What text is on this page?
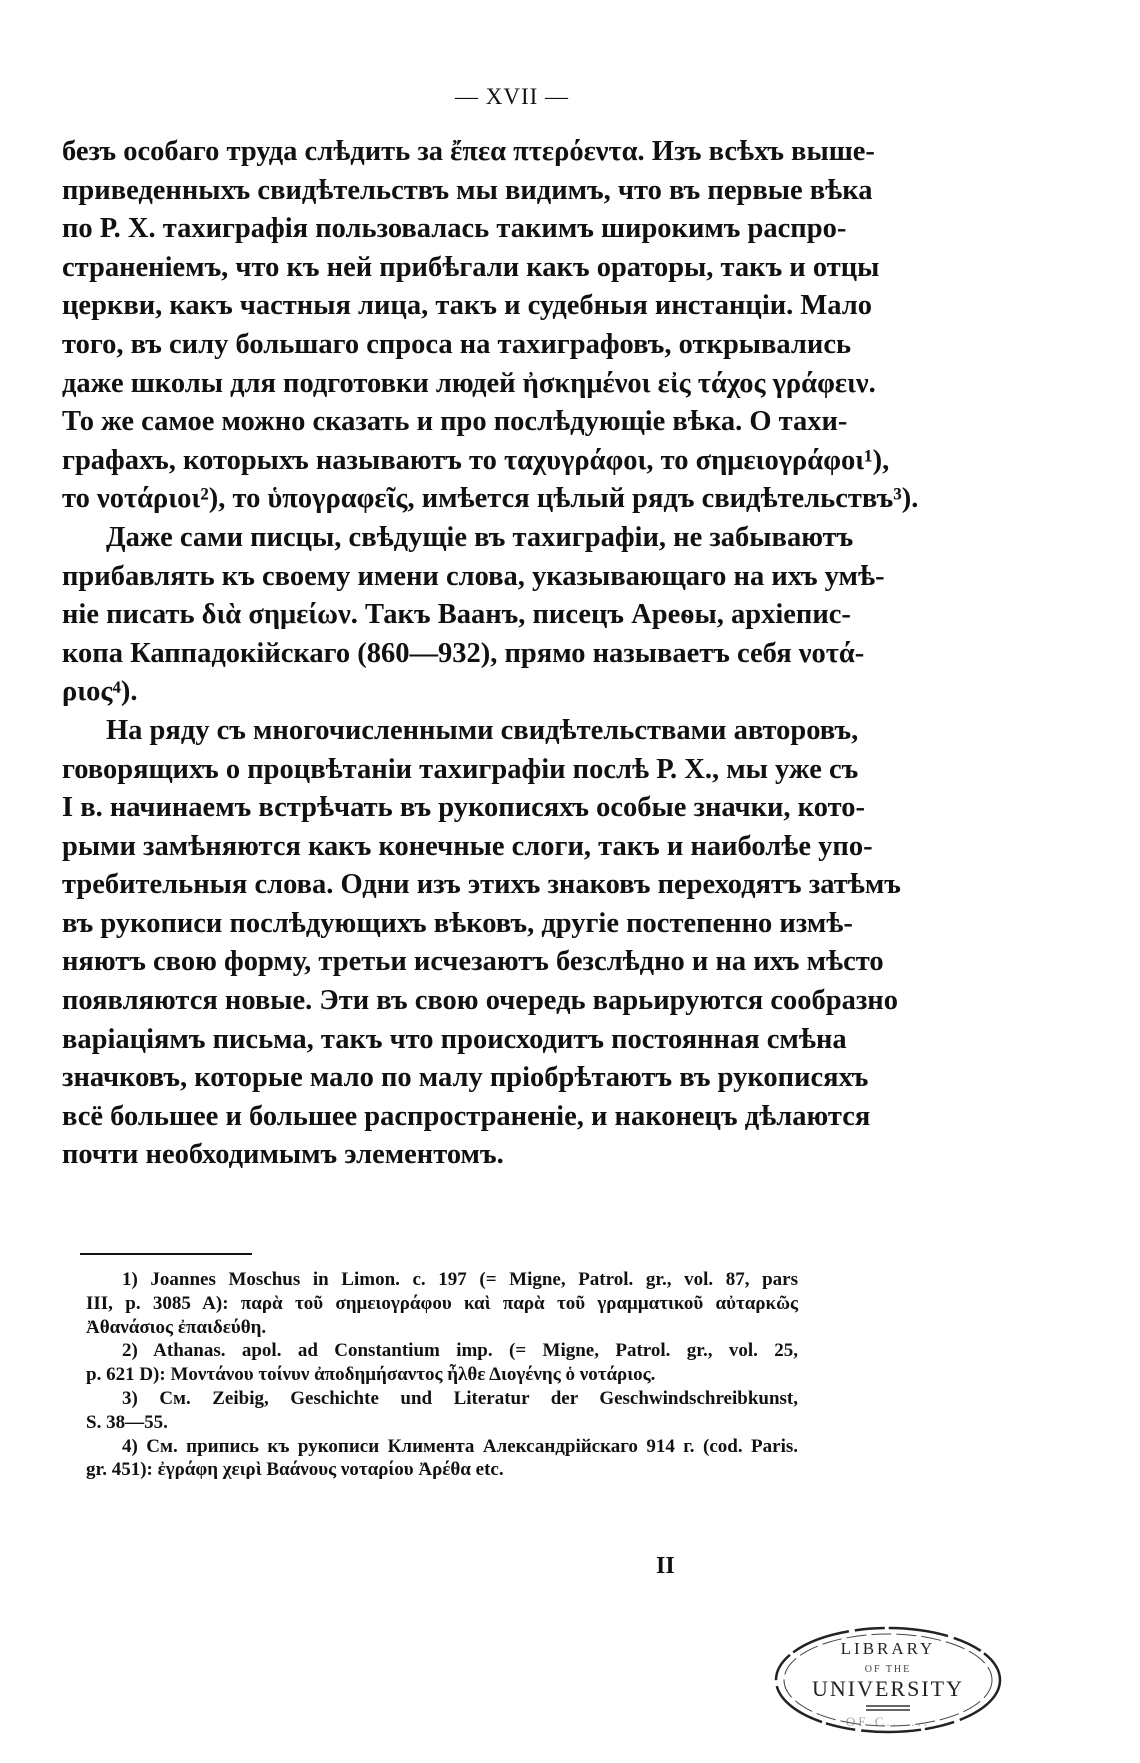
— XVII —
безъ особаго труда слѣдить за ἔπεα πτερόεντα. Изъ всѣхъ выше-
приведенныхъ свидѣтельствъ мы видимъ, что въ первые вѣка
по Р. Х. тахиграфія пользовалась такимъ широкимъ распро-
страненіемъ, что къ ней прибѣгали какъ ораторы, такъ и отцы
церкви, какъ частныя лица, такъ и судебныя инстанціи. Мало
того, въ силу большаго спроса на тахиграфовъ, открывались
даже школы для подготовки людей ἠσκημένοι εἰς τάχος γράφειν.
То же самое можно сказать и про послѣдующіе вѣка. О тахи-
графахъ, которыхъ называютъ то ταχυγράφοι, то σημειογράφοι¹),
то νοτάριοι²), то ὑπογραφεῖς, имѣется цѣлый рядъ свидѣтельствъ³).
Даже сами писцы, свѣдущіе въ тахиграфіи, не забываютъ
прибавлять къ своему имени слова, указывающаго на ихъ умѣ-
ніе писать διὰ σημείων. Такъ Ваанъ, писецъ Ареѳы, архіепис-
копа Каппадокійскаго (860—932), прямо называетъ себя νοτά-
ριος⁴).
На ряду съ многочисленными свидѣтельствами авторовъ,
говорящихъ о процвѣтаніи тахиграфіи послѣ Р. Х., мы уже съ
I в. начинаемъ встрѣчать въ рукописяхъ особые значки, кото-
рыми замѣняются какъ конечные слоги, такъ и наиболѣе упо-
требительныя слова. Одни изъ этихъ знаковъ переходятъ затѣмъ
въ рукописи послѣдующихъ вѣковъ, другіе постепенно измѣ-
няютъ свою форму, третьи исчезаютъ безслѣдно и на ихъ мѣсто
появляются новые. Эти въ свою очередь варьируются сообразно
варіаціямъ письма, такъ что происходитъ постоянная смѣна
значковъ, которые мало по малу пріобрѣтаютъ въ рукописяхъ
всё большее и большее распространеніе, и наконецъ дѣлаются
почти необходимымъ элементомъ.
1) Joannes Moschus in Limon. c. 197 (= Migne, Patrol. gr., vol. 87, pars
III, p. 3085 A): παρὰ τοῦ σημειογράφου καὶ παρὰ τοῦ γραμματικοῦ αὐταρκῶς
Ἀθανάσιος ἐπαιδεύθη.
2) Athanas. apol. ad Constantium imp. (= Migne, Patrol. gr., vol. 25,
p. 621 D): Μοντάνου τοίνυν ἀποδημήσαντος ἦλθε Διογένης ὁ νοτάριος.
3) См. Zeibig, Geschichte und Literatur der Geschwindschreibkunst,
S. 38—55.
4) См. припись къ рукописи Климента Александрійскаго 914 г. (cod. Paris.
gr. 451): ἐγράφη χειρὶ Βαάνους νοταρίου Ἀρέθα etc.
II
LIBRARY
OF THE
UNIVERSITY
OF C... ...
